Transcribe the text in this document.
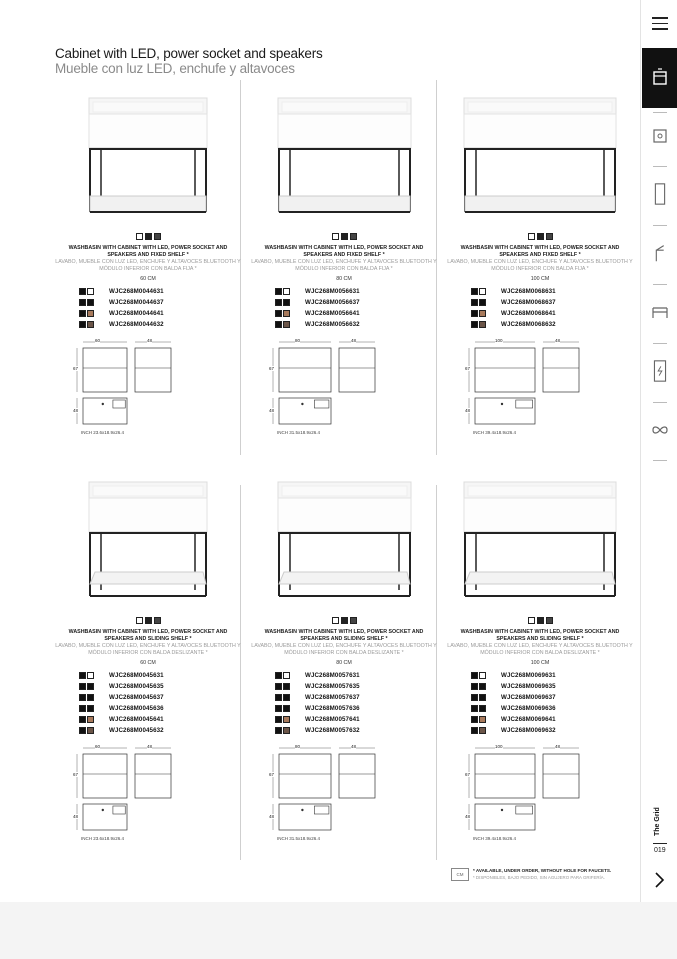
Cabinet with LED, power socket and speakers
Mueble con luz LED, enchufe y altavoces
WASHBASIN WITH CABINET WITH LED, POWER SOCKET AND SPEAKERS AND FIXED SHELF *
LAVABO, MUEBLE CON LUZ LED, ENCHUFE Y ALTAVOCES BLUETOOTH Y MÓDULO INFERIOR CON BALDA FIJA *
60 CM
WJC268M0044631
WJC268M0044637
WJC268M0044641
WJC268M0044632
60	48
67
48
INCH 23.6x18.9x26.4
WASHBASIN WITH CABINET WITH LED, POWER SOCKET AND SPEAKERS AND FIXED SHELF *
LAVABO, MUEBLE CON LUZ LED, ENCHUFE Y ALTAVOCES BLUETOOTH Y MÓDULO INFERIOR CON BALDA FIJA *
80 CM
WJC268M0056631
WJC268M0056637
WJC268M0056641
WJC268M0056632
80	48
67
48
INCH 31.5x18.9x26.4
WASHBASIN WITH CABINET WITH LED, POWER SOCKET AND SPEAKERS AND FIXED SHELF *
LAVABO, MUEBLE CON LUZ LED, ENCHUFE Y ALTAVOCES BLUETOOTH Y MÓDULO INFERIOR CON BALDA FIJA *
100 CM
WJC268M0068631
WJC268M0068637
WJC268M0068641
WJC268M0068632
100	48
67
48
INCH 39.4x18.9x26.4
WASHBASIN WITH CABINET WITH LED, POWER SOCKET AND SPEAKERS AND SLIDING SHELF *
LAVABO, MUEBLE CON LUZ LED, ENCHUFE Y ALTAVOCES BLUETOOTH Y MÓDULO INFERIOR CON BALDA DESLIZANTE *
60 CM
WJC268M0045631
WJC268M0045635
WJC268M0045637
WJC268M0045636
WJC268M0045641
WJC268M0045632
60	48
67
48
INCH 23.6x18.9x26.4
WASHBASIN WITH CABINET WITH LED, POWER SOCKET AND SPEAKERS AND SLIDING SHELF *
LAVABO, MUEBLE CON LUZ LED, ENCHUFE Y ALTAVOCES BLUETOOTH Y MÓDULO INFERIOR CON BALDA DESLIZANTE *
80 CM
WJC268M0057631
WJC268M0057635
WJC268M0057637
WJC268M0057636
WJC268M0057641
WJC268M0057632
80	48
67
48
INCH 31.5x18.9x26.4
WASHBASIN WITH CABINET WITH LED, POWER SOCKET AND SPEAKERS AND SLIDING SHELF *
LAVABO, MUEBLE CON LUZ LED, ENCHUFE Y ALTAVOCES BLUETOOTH Y MÓDULO INFERIOR CON BALDA DESLIZANTE *
100 CM
WJC268M0069631
WJC268M0069635
WJC268M0069637
WJC268M0069636
WJC268M0069641
WJC268M0069632
100	48
67
48
INCH 39.4x18.9x26.4
CM
* AVAILABLE, UNDER ORDER, WITHOUT HOLE FOR FAUCETS.
* DISPONIBLES, BAJO PEDIDO, SIN AGUJERO PARA GRIFERÍA.
The Grid
019
